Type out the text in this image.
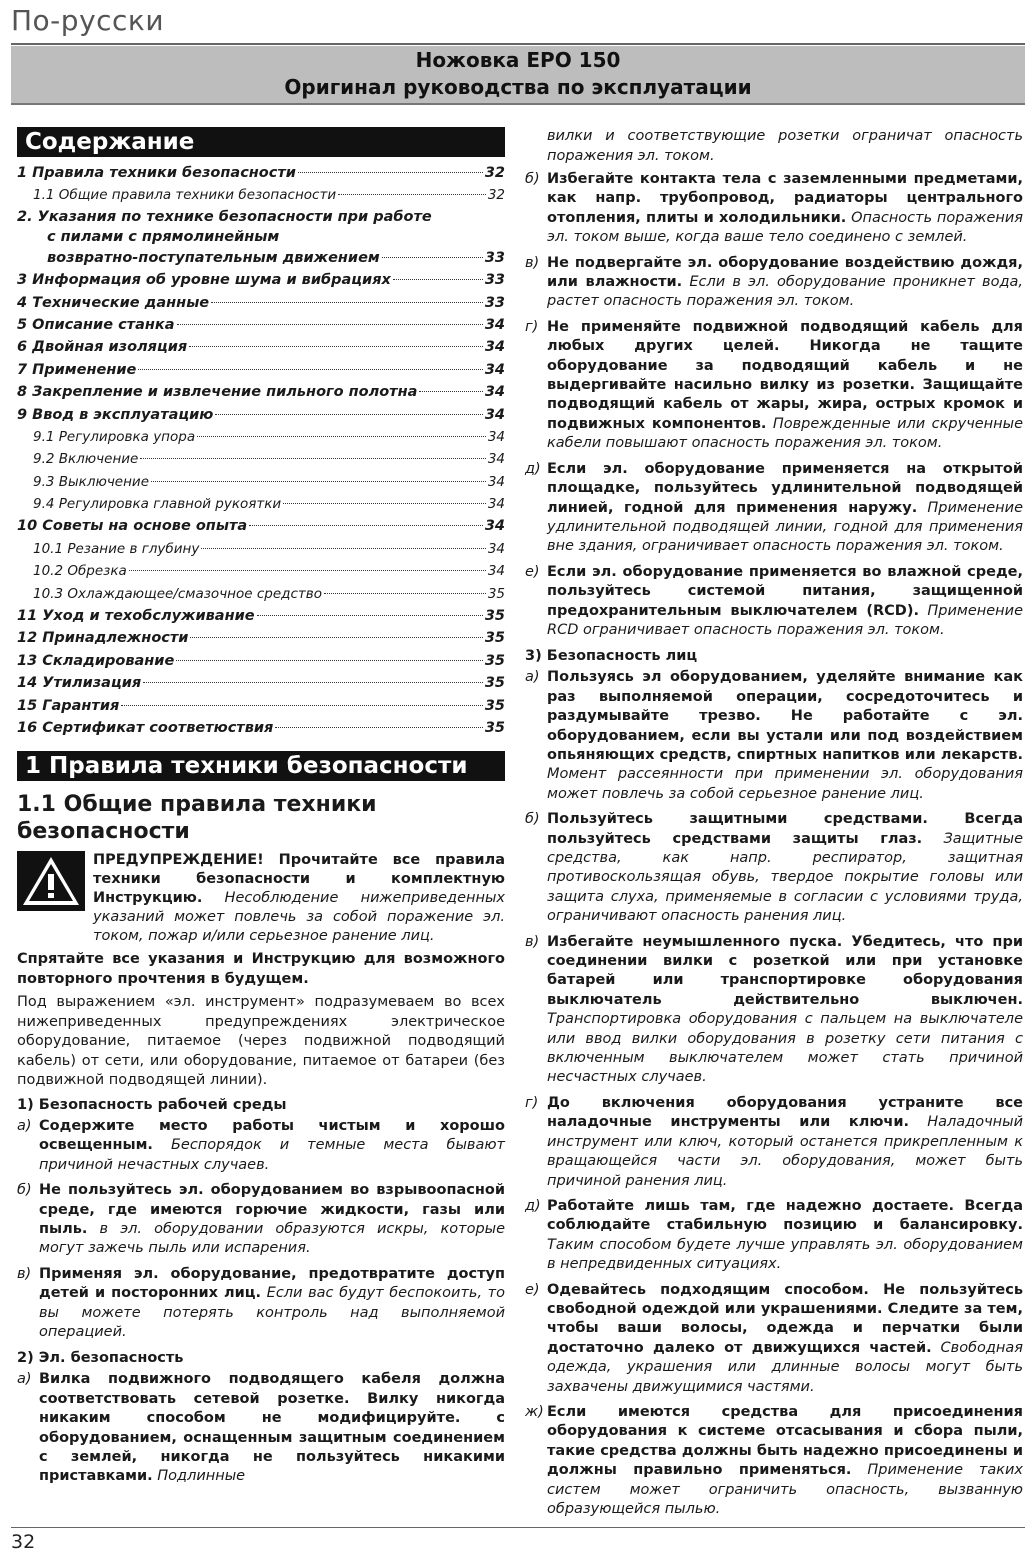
По-русски
Ножовка EPO 150
Оригинал руководства по эксплуатации
Содержание
1 Правила техники безопасности	32
1.1 Общие правила техники безопасности	32
2. Указания по технике безопасности при работе
с пилами с прямолинейным
возвратно-поступательным движением	33
3 Информация об уровне шума и вибрациях	33
4 Технические данные	33
5 Описание станка	34
6 Двойная изоляция	34
7 Применение	34
8 Закрепление и извлечение пильного полотна	34
9 Ввод в эксплуатацию	34
9.1 Регулировка упора	34
9.2 Включение	34
9.3 Выключение	34
9.4 Регулировка главной рукоятки	34
10 Советы на основе опыта	34
10.1 Резание в глубину	34
10.2 Обрезка	34
10.3 Охлаждающее/смазочное средство	35
11 Уход и техобслуживание	35
12 Принадлежности	35
13 Складирование	35
14 Утилизация	35
15 Гарантия	35
16 Сертификат соответюствия	35
1 Правила техники безопасности
1.1 Общие правила техники безопасности
ПРЕДУПРЕЖДЕНИЕ! Прочитайте все правила техники безопасности и комплектную Инструкцию. Несоблюдение нижеприведенных указаний может повлечь за собой поражение эл. током, пожар и/или серьезное ранение лиц.
Спрятайте все указания и Инструкцию для возможного повторного прочтения в будущем.
Под выражением «эл. инструмент» подразумеваем во всех нижеприведенных предупреждениях электрическое оборудование, питаемое (через подвижной подводящий кабель) от сети, или оборудование, питаемое от батареи (без подвижной подводящей линии).
1) Безопасность рабочей среды
а) Содержите место работы чистым и хорошо освещенным. Беспорядок и темные места бывают причиной нечастных случаев.
б) Не пользуйтесь эл. оборудованием во взрывоопасной среде, где имеются горючие жидкости, газы или пыль. в эл. оборудовании образуются искры, которые могут зажечь пыль или испарения.
в) Применяя эл. оборудование, предотвратите доступ детей и посторонних лиц. Если вас будут беспокоить, то вы можете потерять контроль над выполняемой операцией.
2) Эл. безопасность
а) Вилка подвижного подводящего кабеля должна соответствовать сетевой розетке. Вилку никогда никаким способом не модифицируйте. с оборудованием, оснащенным защитным соединением с землей, никогда не пользуйтесь никакими приставками. Подлинные
вилки и соответствующие розетки ограничат опасность поражения эл. током.
б) Избегайте контакта тела с заземленными предметами, как напр. трубопровод, радиаторы центрального отопления, плиты и холодильники. Опасность поражения эл. током выше, когда ваше тело соединено с землей.
в) Не подвергайте эл. оборудование воздействию дождя, или влажности. Если в эл. оборудование проникнет вода, растет опасность поражения эл. током.
г) Не применяйте подвижной подводящий кабель для любых других целей. Никогда не тащите оборудование за подводящий кабель и не выдергивайте насильно вилку из розетки. Защищайте подводящий кабель от жары, жира, острых кромок и подвижных компонентов. Поврежденные или скрученные кабели повышают опасность поражения эл. током.
д) Если эл. оборудование применяется на открытой площадке, пользуйтесь удлинительной подводящей линией, годной для применения наружу. Применение удлинительной подводящей линии, годной для применения вне здания, ограничивает опасность поражения эл. током.
е) Если эл. оборудование применяется во влажной среде, пользуйтесь системой питания, защищенной предохранительным выключателем (RCD). Применение RCD ограничивает опасность поражения эл. током.
3) Безопасность лиц
а) Пользуясь эл оборудованием, уделяйте внимание как раз выполняемой операции, сосредоточитесь и раздумывайте трезво. Не работайте с эл. оборудованием, если вы устали или под воздействием опьяняющих средств, спиртных напитков или лекарств. Момент рассеянности при применении эл. оборудования может повлечь за собой серьезное ранение лиц.
б) Пользуйтесь защитными средствами. Всегда пользуйтесь средствами защиты глаз. Защитные средства, как напр. респиратор, защитная противоскользящая обувь, твердое покрытие головы или защита слуха, применяемые в согласии с условиями труда, ограничивают опасность ранения лиц.
в) Избегайте неумышленного пуска. Убедитесь, что при соединении вилки с розеткой или при установке батарей или транспортировке оборудования выключатель действительно выключен. Транспортировка оборудования с пальцем на выключателе или ввод вилки оборудования в розетку сети питания с включенным выключателем может стать причиной несчастных случаев.
г) До включения оборудования устраните все наладочные инструменты или ключи. Наладочный инструмент или ключ, который останется прикрепленным к вращающейся части эл. оборудования, может быть причиной ранения лиц.
д) Работайте лишь там, где надежно достаете. Всегда соблюдайте стабильную позицию и балансировку. Таким способом будете лучше управлять эл. оборудованием в непредвиденных ситуациях.
е) Одевайтесь подходящим способом. Не пользуйтесь свободной одеждой или украшениями. Следите за тем, чтобы ваши волосы, одежда и перчатки были достаточно далеко от движущихся частей. Свободная одежда, украшения или длинные волосы могут быть захвачены движущимися частями.
ж) Если имеются средства для присоединения оборудования к системе отсасывания и сбора пыли, такие средства должны быть надежно присоединены и должны правильно применяться. Применение таких систем может ограничить опасность, вызванную образующейся пылью.
32
